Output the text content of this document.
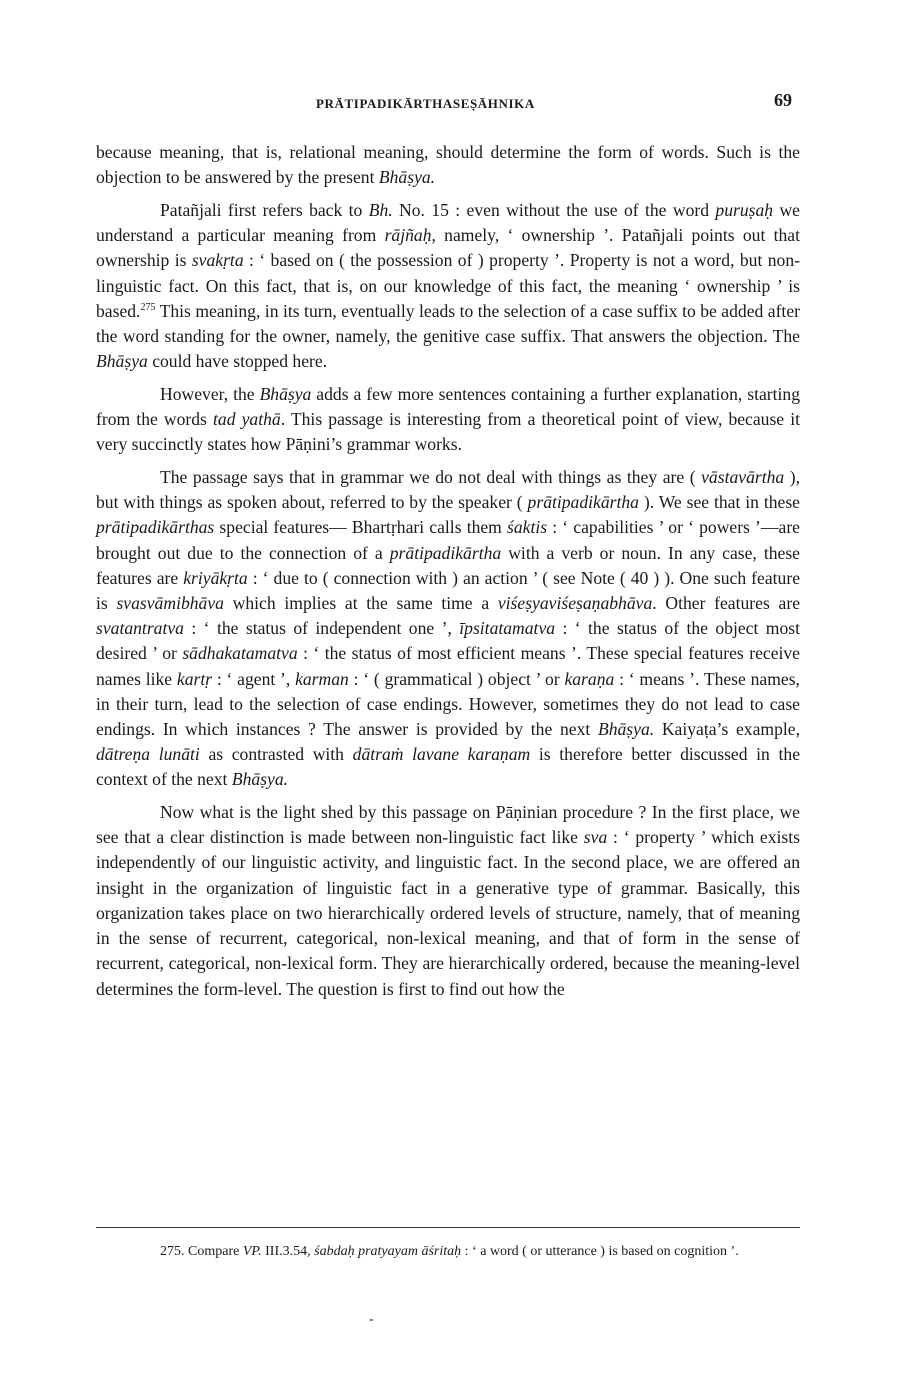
PRĀTIPADIKĀRTHASEṢĀHNIKA	69

because meaning, that is, relational meaning, should determine the form of words. Such is the objection to be answered by the present Bhāṣya.

Patañjali first refers back to Bh. No. 15 : even without the use of the word puruṣaḥ we understand a particular meaning from rājñaḥ, namely, ‘ ownership ’. Patañjali points out that ownership is svakṛta : ‘ based on ( the possession of ) property ’. Property is not a word, but non-linguistic fact. On this fact, that is, on our knowledge of this fact, the meaning ‘ ownership ’ is based.$^{275}$ This meaning, in its turn, eventually leads to the selection of a case suffix to be added after the word standing for the owner, namely, the genitive case suffix. That answers the objection. The Bhāṣya could have stopped here.

However, the Bhāṣya adds a few more sentences containing a further explanation, starting from the words tad yathā. This passage is interesting from a theoretical point of view, because it very succinctly states how Pāṇini’s grammar works.

The passage says that in grammar we do not deal with things as they are ( vāstavārtha ), but with things as spoken about, referred to by the speaker ( prātipadikārtha ). We see that in these prātipadikārthas special features— Bhartṛhari calls them śaktis : ‘ capabilities ’ or ‘ powers ’—are brought out due to the connection of a prātipadikārtha with a verb or noun. In any case, these features are kriyākṛta : ‘ due to ( connection with ) an action ’ ( see Note ( 40 ) ). One such feature is svasvāmibhāva which implies at the same time a viśeṣyaviśeṣaṇabhāva. Other features are svatantratva : ‘ the status of independent one ’, īpsitatamatva : ‘ the status of the object most desired ’ or sādhakatamatva : ‘ the status of most efficient means ’. These special features receive names like kartṛ : ‘ agent ’, karman : ‘ ( grammatical ) object ’ or karaṇa : ‘ means ’. These names, in their turn, lead to the selection of case endings. However, sometimes they do not lead to case endings. In which instances ? The answer is provided by the next Bhāṣya. Kaiyaṭa’s example, dātreṇa lunāti as contrasted with dātraṁ lavane karaṇam is therefore better discussed in the context of the next Bhāṣya.

Now what is the light shed by this passage on Pāṇinian procedure ? In the first place, we see that a clear distinction is made between non-linguistic fact like sva : ‘ property ’ which exists independently of our linguistic activity, and linguistic fact. In the second place, we are offered an insight in the organization of linguistic fact in a generative type of grammar. Basically, this organization takes place on two hierarchically ordered levels of structure, namely, that of meaning in the sense of recurrent, categorical, non-lexical meaning, and that of form in the sense of recurrent, categorical, non-lexical form. They are hierarchically ordered, because the meaning-level determines the form-level. The question is first to find out how the

275. Compare VP. III.3.54, śabdaḥ pratyayam āśritaḥ : ‘ a word ( or utterance ) is based on cognition ’.

-
